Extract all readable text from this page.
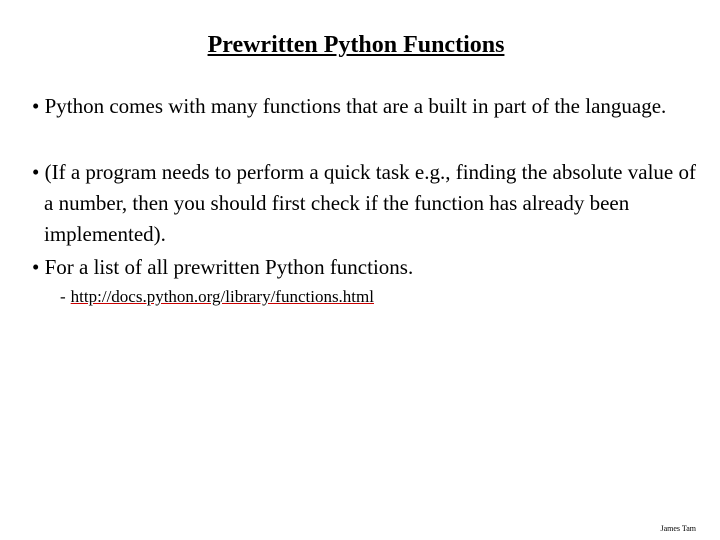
Prewritten Python Functions

• Python comes with many functions that are a built in part of the language.

• (If a program needs to perform a quick task e.g., finding the absolute value of a number, then you should first check if the function has already been implemented).

• For a list of all prewritten Python functions.

- http://docs.python.org/library/functions.html
James Tam
